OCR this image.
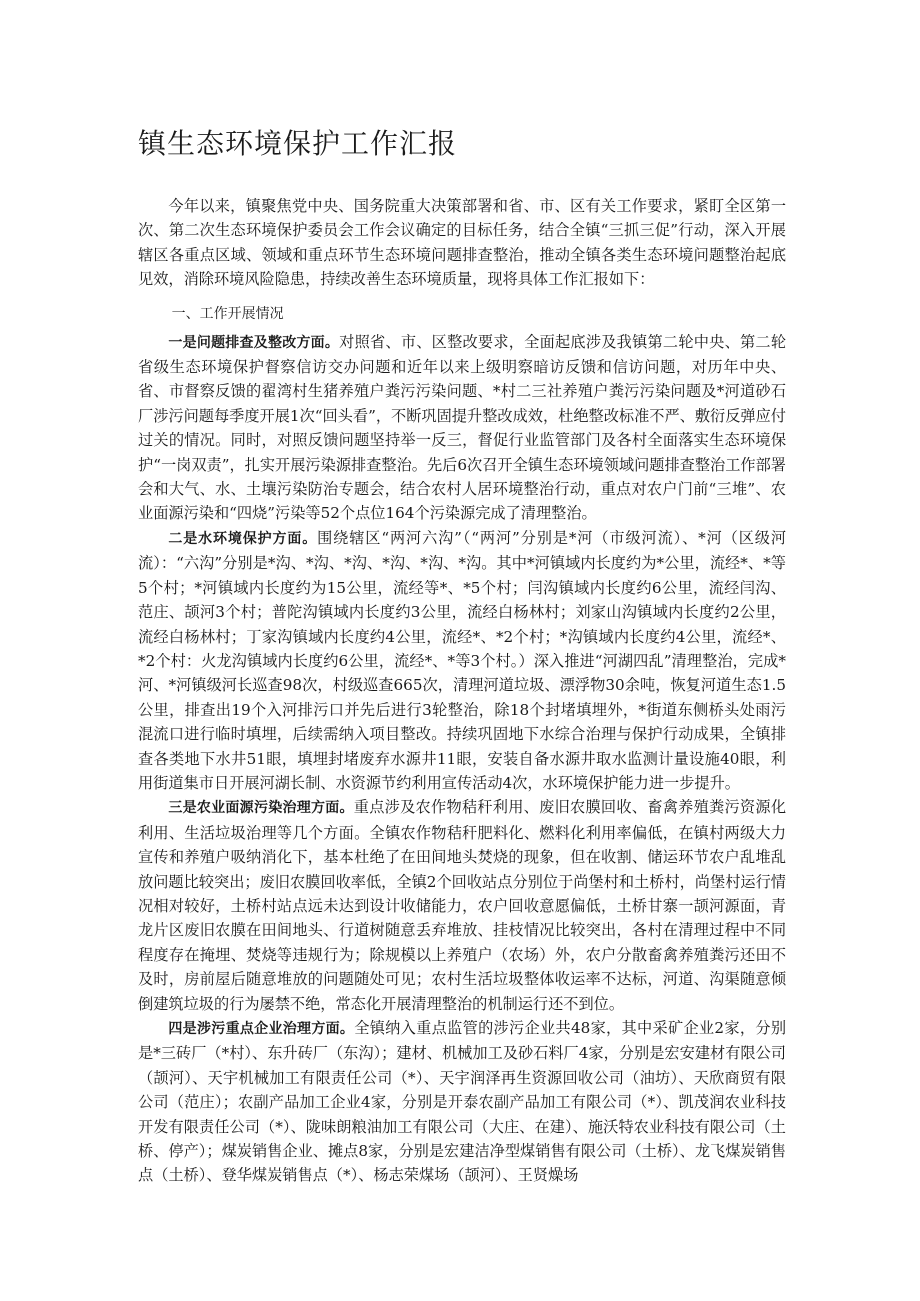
镇生态环境保护工作汇报

今年以来，镇聚焦党中央、国务院重大决策部署和省、市、区有关工作要求，紧盯全区第一次、第二次生态环境保护委员会工作会议确定的目标任务，结合全镇“三抓三促”行动，深入开展辖区各重点区域、领域和重点环节生态环境问题排查整治，推动全镇各类生态环境问题整治起底见效，消除环境风险隐患，持续改善生态环境质量，现将具体工作汇报如下：

一、工作开展情况

一是问题排查及整改方面。对照省、市、区整改要求，全面起底涉及我镇第二轮中央、第二轮省级生态环境保护督察信访交办问题和近年以来上级明察暗访反馈和信访问题，对历年中央、省、市督察反馈的翟湾村生猪养殖户粪污污染问题、*村二三社养殖户粪污污染问题及*河道砂石厂涉污问题每季度开展1次“回头看”，不断巩固提升整改成效，杜绝整改标准不严、敷衍反弹应付过关的情况。同时，对照反馈问题坚持举一反三，督促行业监管部门及各村全面落实生态环境保护“一岗双责”，扎实开展污染源排查整治。先后6次召开全镇生态环境领域问题排查整治工作部署会和大气、水、土壤污染防治专题会，结合农村人居环境整治行动，重点对农户门前“三堆”、农业面源污染和“四烧”污染等52个点位164个污染源完成了清理整治。

二是水环境保护方面。围绕辖区“两河六沟”（“两河”分别是*河（市级河流）、*河（区级河流）：“六沟”分别是*沟、*沟、*沟、*沟、*沟、*沟。其中*河镇域内长度约为*公里，流经*、*等5个村；*河镇域内长度约为15公里，流经等*、*5个村；闫沟镇域内长度约6公里，流经闫沟、范庄、颉河3个村；普陀沟镇域内长度约3公里，流经白杨林村；刘家山沟镇域内长度约2公里，流经白杨林村；丁家沟镇域内长度约4公里，流经*、*2个村；*沟镇域内长度约4公里，流经*、*2个村：火龙沟镇域内长度约6公里，流经*、*等3个村。）深入推进“河湖四乱”清理整治，完成*河、*河镇级河长巡查98次，村级巡查665次，清理河道垃圾、漂浮物30余吨，恢复河道生态1.5公里，排查出19个入河排污口并先后进行3轮整治，除18个封堵填埋外，*街道东侧桥头处雨污混流口进行临时填埋，后续需纳入项目整改。持续巩固地下水综合治理与保护行动成果，全镇排查各类地下水井51眼，填埋封堵废弃水源井11眼，安装自备水源井取水监测计量设施40眼，利用街道集市日开展河湖长制、水资源节约利用宣传活动4次，水环境保护能力进一步提升。

三是农业面源污染治理方面。重点涉及农作物秸秆利用、废旧农膜回收、畜禽养殖粪污资源化利用、生活垃圾治理等几个方面。全镇农作物秸秆肥料化、燃料化利用率偏低，在镇村两级大力宣传和养殖户吸纳消化下，基本杜绝了在田间地头焚烧的现象，但在收割、储运环节农户乱堆乱放问题比较突出；废旧农膜回收率低，全镇2个回收站点分别位于尚堡村和土桥村，尚堡村运行情况相对较好，土桥村站点远未达到设计收储能力，农户回收意愿偏低，土桥甘寨一颉河源面，青龙片区废旧农膜在田间地头、行道树随意丢弃堆放、挂枝情况比较突出，各村在清理过程中不同程度存在掩埋、焚烧等违规行为；除规模以上养殖户（农场）外，农户分散畜禽养殖粪污还田不及时，房前屋后随意堆放的问题随处可见；农村生活垃圾整体收运率不达标，河道、沟渠随意倾倒建筑垃圾的行为屡禁不绝，常态化开展清理整治的机制运行还不到位。

四是涉污重点企业治理方面。全镇纳入重点监管的涉污企业共48家，其中采矿企业2家，分别是*三砖厂（*村）、东升砖厂（东沟）；建材、机械加工及砂石料厂4家，分别是宏安建材有限公司（颉河）、天宇机械加工有限责任公司（*）、天宇润泽再生资源回收公司（油坊）、天欣商贸有限公司（范庄）；农副产品加工企业4家，分别是开泰农副产品加工有限公司（*）、凯茂润农业科技开发有限责任公司（*）、陇味朗粮油加工有限公司（大庄、在建）、施沃特农业科技有限公司（土桥、停产）；煤炭销售企业、摊点8家，分别是宏建洁净型煤销售有限公司（土桥）、龙飞煤炭销售点（土桥）、登华煤炭销售点（*）、杨志荣煤场（颉河）、王贤燥场
